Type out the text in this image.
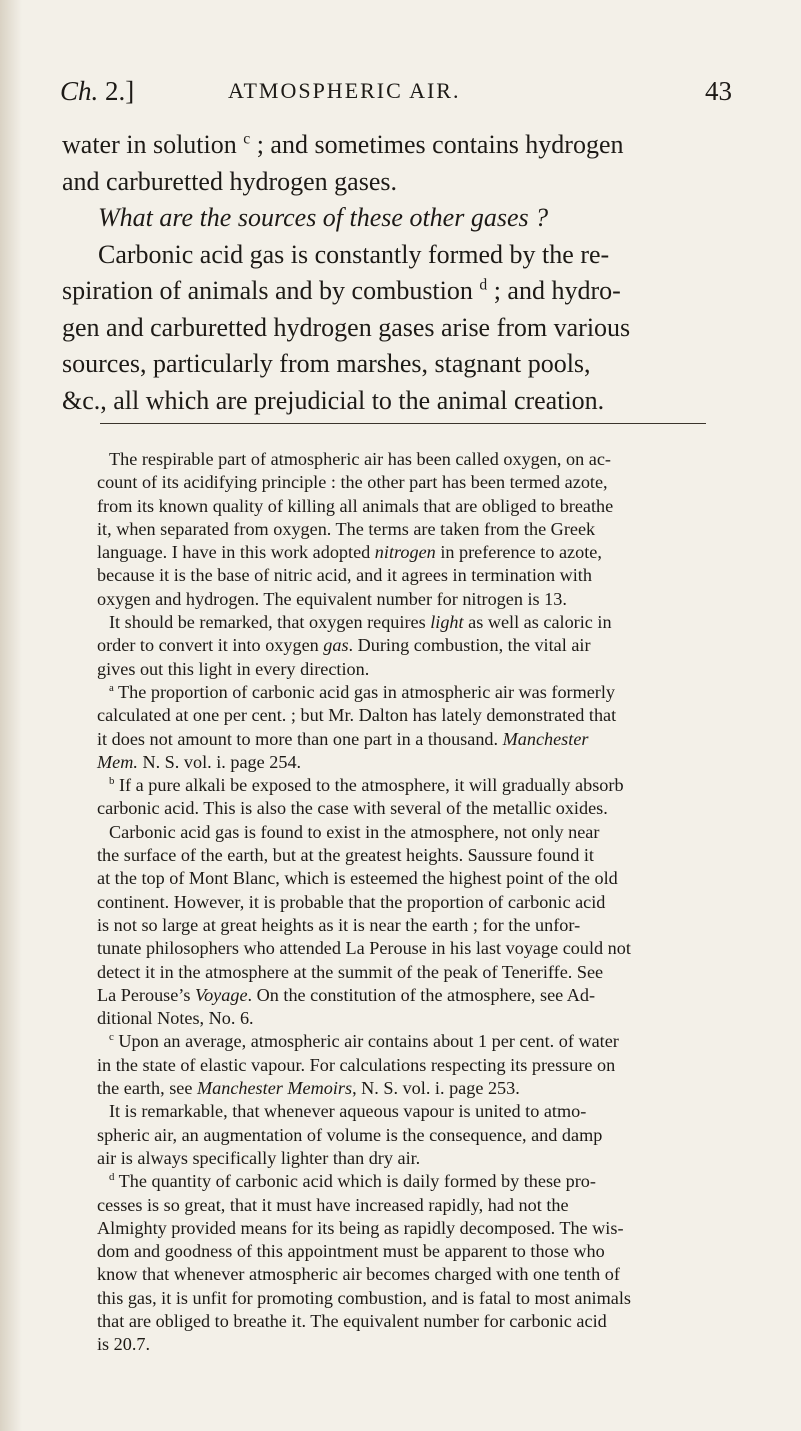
Ch. 2.]	ATMOSPHERIC AIR.	43

water in solution $^c$ ; and sometimes contains hydrogen

and carburetted hydrogen gases.

What are the sources of these other gases ?

Carbonic acid gas is constantly formed by the re-

spiration of animals and by combustion $^d$ ; and hydro-

gen and carburetted hydrogen gases arise from various

sources, particularly from marshes, stagnant pools,

&c., all which are prejudicial to the animal creation.

The respirable part of atmospheric air has been called oxygen, on ac-

count of its acidifying principle : the other part has been termed azote,

from its known quality of killing all animals that are obliged to breathe

it, when separated from oxygen. The terms are taken from the Greek

language. I have in this work adopted nitrogen in preference to azote,

because it is the base of nitric acid, and it agrees in termination with

oxygen and hydrogen. The equivalent number for nitrogen is 13.

It should be remarked, that oxygen requires light as well as caloric in

order to convert it into oxygen gas. During combustion, the vital air

gives out this light in every direction.

$^a$ The proportion of carbonic acid gas in atmospheric air was formerly

calculated at one per cent. ; but Mr. Dalton has lately demonstrated that

it does not amount to more than one part in a thousand. Manchester

Mem. N. S. vol. i. page 254.

$^b$ If a pure alkali be exposed to the atmosphere, it will gradually absorb

carbonic acid. This is also the case with several of the metallic oxides.

Carbonic acid gas is found to exist in the atmosphere, not only near

the surface of the earth, but at the greatest heights. Saussure found it

at the top of Mont Blanc, which is esteemed the highest point of the old

continent. However, it is probable that the proportion of carbonic acid

is not so large at great heights as it is near the earth ; for the unfor-

tunate philosophers who attended La Perouse in his last voyage could not

detect it in the atmosphere at the summit of the peak of Teneriffe. See

La Perouse’s Voyage. On the constitution of the atmosphere, see Ad-

ditional Notes, No. 6.

$^c$ Upon an average, atmospheric air contains about 1 per cent. of water

in the state of elastic vapour. For calculations respecting its pressure on

the earth, see Manchester Memoirs, N. S. vol. i. page 253.

It is remarkable, that whenever aqueous vapour is united to atmo-

spheric air, an augmentation of volume is the consequence, and damp

air is always specifically lighter than dry air.

$^d$ The quantity of carbonic acid which is daily formed by these pro-

cesses is so great, that it must have increased rapidly, had not the

Almighty provided means for its being as rapidly decomposed. The wis-

dom and goodness of this appointment must be apparent to those who

know that whenever atmospheric air becomes charged with one tenth of

this gas, it is unfit for promoting combustion, and is fatal to most animals

that are obliged to breathe it. The equivalent number for carbonic acid

is 20.7.
